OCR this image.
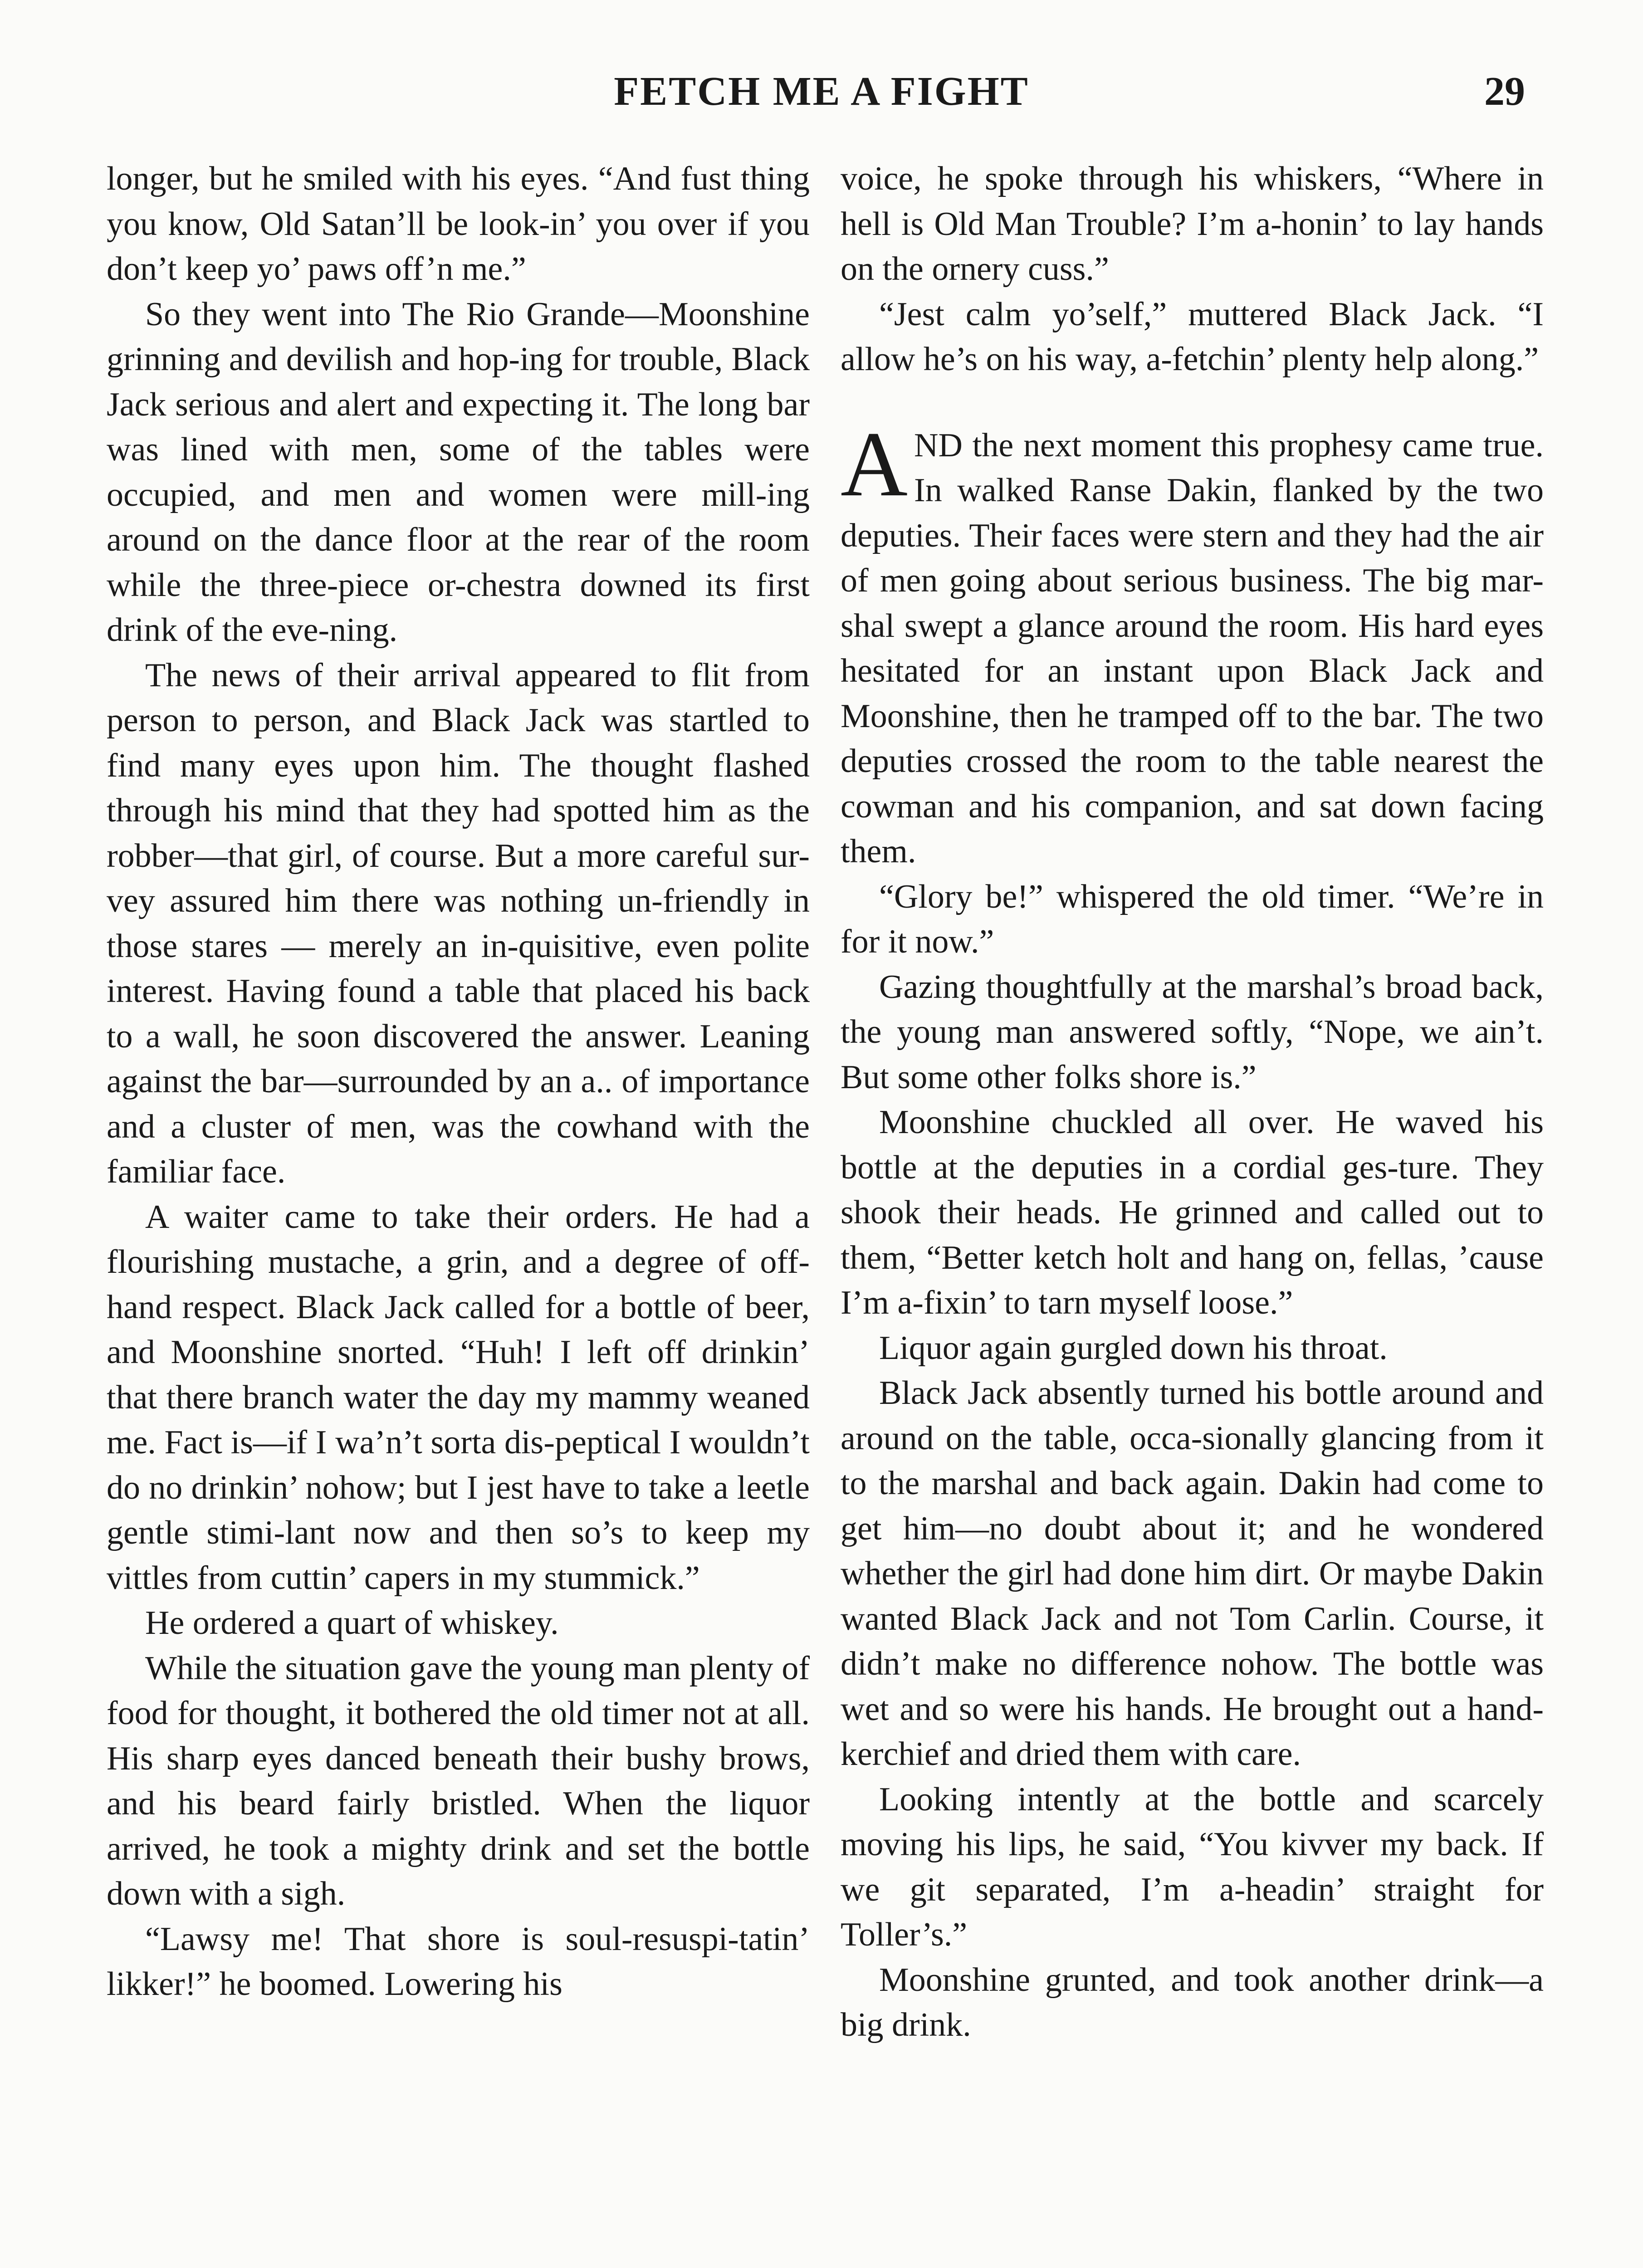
FETCH ME A FIGHT	29

longer, but he smiled with his eyes. “And fust thing you know, Old Satan’ll be look-in’ you over if you don’t keep yo’ paws off’n me.”

So they went into The Rio Grande—Moonshine grinning and devilish and hop-ing for trouble, Black Jack serious and alert and expecting it. The long bar was lined with men, some of the tables were occupied, and men and women were mill-ing around on the dance floor at the rear of the room while the three-piece or-chestra downed its first drink of the eve-ning.

The news of their arrival appeared to flit from person to person, and Black Jack was startled to find many eyes upon him. The thought flashed through his mind that they had spotted him as the robber—that girl, of course. But a more careful sur-vey assured him there was nothing un-friendly in those stares — merely an in-quisitive, even polite interest. Having found a table that placed his back to a wall, he soon discovered the answer. Leaning against the bar—surrounded by an a.. of importance and a cluster of men, was the cowhand with the familiar face.

A waiter came to take their orders. He had a flourishing mustache, a grin, and a degree of off-hand respect. Black Jack called for a bottle of beer, and Moonshine snorted. “Huh! I left off drinkin’ that there branch water the day my mammy weaned me. Fact is—if I wa’n’t sorta dis-peptical I wouldn’t do no drinkin’ nohow; but I jest have to take a leetle gentle stimi-lant now and then so’s to keep my vittles from cuttin’ capers in my stummick.”

He ordered a quart of whiskey.

While the situation gave the young man plenty of food for thought, it bothered the old timer not at all. His sharp eyes danced beneath their bushy brows, and his beard fairly bristled. When the liquor arrived, he took a mighty drink and set the bottle down with a sigh.

“Lawsy me! That shore is soul-resuspi-tatin’ likker!” he boomed. Lowering his

voice, he spoke through his whiskers, “Where in hell is Old Man Trouble? I’m a-honin’ to lay hands on the ornery cuss.”

“Jest calm yo’self,” muttered Black Jack. “I allow he’s on his way, a-fetchin’ plenty help along.”

AND the next moment this prophesy came true. In walked Ranse Dakin, flanked by the two deputies. Their faces were stern and they had the air of men going about serious business. The big mar-shal swept a glance around the room. His hard eyes hesitated for an instant upon Black Jack and Moonshine, then he tramped off to the bar. The two deputies crossed the room to the table nearest the cowman and his companion, and sat down facing them.

“Glory be!” whispered the old timer. “We’re in for it now.”

Gazing thoughtfully at the marshal’s broad back, the young man answered softly, “Nope, we ain’t. But some other folks shore is.”

Moonshine chuckled all over. He waved his bottle at the deputies in a cordial ges-ture. They shook their heads. He grinned and called out to them, “Better ketch holt and hang on, fellas, ’cause I’m a-fixin’ to tarn myself loose.”

Liquor again gurgled down his throat.

Black Jack absently turned his bottle around and around on the table, occa-sionally glancing from it to the marshal and back again. Dakin had come to get him—no doubt about it; and he wondered whether the girl had done him dirt. Or maybe Dakin wanted Black Jack and not Tom Carlin. Course, it didn’t make no difference nohow. The bottle was wet and so were his hands. He brought out a hand-kerchief and dried them with care.

Looking intently at the bottle and scarcely moving his lips, he said, “You kivver my back. If we git separated, I’m a-headin’ straight for Toller’s.”

Moonshine grunted, and took another drink—a big drink.
